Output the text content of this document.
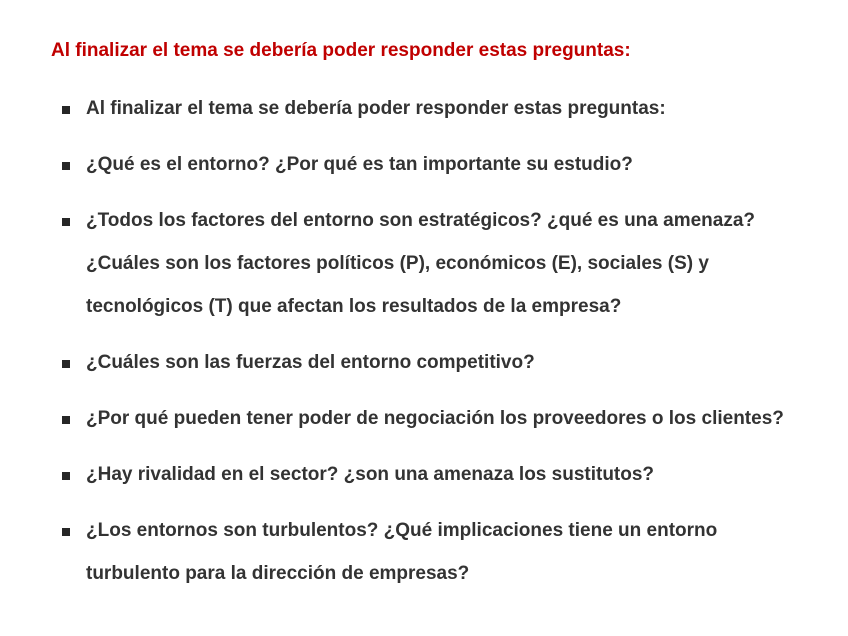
Al finalizar el tema se debería poder responder estas preguntas:
Al finalizar el tema se debería poder responder estas preguntas:
¿Qué es el entorno? ¿Por qué es tan importante su estudio?
¿Todos los factores del entorno son estratégicos? ¿qué es una amenaza?
¿Cuáles son los factores políticos (P), económicos (E), sociales (S) y
tecnológicos (T) que afectan los resultados de la empresa?
¿Cuáles son las fuerzas del entorno competitivo?
¿Por qué pueden tener poder de negociación los proveedores o los clientes?
¿Hay rivalidad en el sector? ¿son una amenaza los sustitutos?
¿Los entornos son turbulentos? ¿Qué implicaciones tiene un entorno
turbulento para la dirección de empresas?
